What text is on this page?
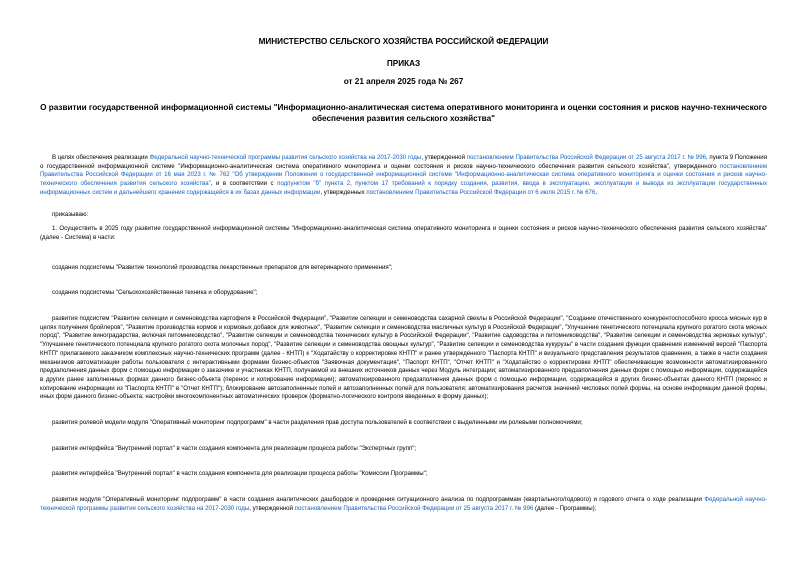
МИНИСТЕРСТВО СЕЛЬСКОГО ХОЗЯЙСТВА РОССИЙСКОЙ ФЕДЕРАЦИИ
ПРИКАЗ
от 21 апреля 2025 года № 267
О развитии государственной информационной системы "Информационно-аналитическая система оперативного мониторинга и оценки состояния и рисков научно-технического обеспечения развития сельского хозяйства"

В целях обеспечения реализации Федеральной научно-технической программы развития сельского хозяйства на 2017-2030 годы, утвержденной постановлением Правительства Российской Федерации от 25 августа 2017 г. № 996, пункта 9 Положения о государственной информационной системе "Информационно-аналитическая система оперативного мониторинга и оценки состояния и рисков научно-технического обеспечения развития сельского хозяйства", утвержденного постановлением Правительства Российской Федерации от 16 мая 2023 г. № 762 "Об утверждении Положения о государственной информационной системе "Информационно-аналитическая система оперативного мониторинга и оценки состояния и рисков научно-технического обеспечения развития сельского хозяйства", и в соответствии с подпунктом "б" пункта 2, пунктом 17 требований к порядку создания, развития, ввода в эксплуатацию, эксплуатации и вывода из эксплуатации государственных информационных систем и дальнейшего хранения содержащейся в их базах данных информации, утвержденных постановлением Правительства Российской Федерации от 6 июля 2015 г. № 676,

приказываю:

1. Осуществить в 2025 году развитие государственной информационной системы "Информационно-аналитическая система оперативного мониторинга и оценки состояния и рисков научно-технического обеспечения развития сельского хозяйства" (далее - Система) в части:

создания подсистемы "Развитие технологий производства лекарственных препаратов для ветеринарного применения";

создания подсистемы "Сельскохозяйственная техника и оборудование";

развития подсистем "Развитие селекции и семеноводства картофеля в Российской Федерации", "Развитие селекции и семеноводства сахарной свеклы в Российской Федерации", "Создание отечественного конкурентоспособного кросса мясных кур в целях получения бройлеров", "Развитие производства кормов и кормовых добавок для животных", "Развитие селекции и семеноводства масличных культур в Российской Федерации", "Улучшение генетического потенциала крупного рогатого скота мясных пород", "Развитие виноградарства, включая питомниководство", "Развитие селекции и семеноводства технических культур в Российской Федерации", "Развитие садоводства и питомниководства", "Развитие селекции и семеноводства зерновых культур", "Улучшение генетического потенциала крупного рогатого скота молочных пород", "Развитие селекции и семеноводства овощных культур", "Развитие селекции и семеноводства кукурузы" в части создания функции сравнения изменений версий "Паспорта КНТП" прилагаемого заказчиком комплексных научно-технических программ (далее - КНТП) к "Ходатайству о корректировке КНТП" и ранее утвержденного "Паспорта КНТП" и визуального представления результатов сравнения, а также в части создания механизмов автоматизации работы пользователя с интерактивными формами бизнес-объектов "Заявочная документация", "Паспорт КНТП", "Отчет КНТП" и "Ходатайство о корректировке КНТП" обеспечивающие возможности автоматизированного предзаполнения данных форм с помощью информации о заказчике и участниках КНТП, получаемой из внешних источников данных через Модуль интеграции; автоматизированного предзаполнения данных форм с помощью информации, содержащейся в других ранее заполненных формах данного бизнес-объекта (перенос и копирование информации); автоматизированного предзаполнения данных форм с помощью информации, содержащейся в других бизнес-объектах данного КНТП (перенос и копирование информации из "Паспорта КНТП" в "Отчет КНТП"); блокирование автозаполненных полей и автозаполненных полей для пользователя; автоматизирования расчетов значений числовых полей формы, на основе информации данной формы, иных форм данного бизнес-объекта; настройки многокомпонентных автоматических проверок (форматно-логического контроля введенных в форму данных);

развития ролевой модели модуля "Оперативный мониторинг подпрограмм" в части разделения прав доступа пользователей в соответствии с выделенными им ролевыми полномочиями;

развития интерфейса "Внутренний портал" в части создания компонента для реализации процесса работы "Экспертных групп";

развития интерфейса "Внутренний портал" в части создания компонента для реализации процесса работы "Комиссии Программы";

развития модуля "Оперативный мониторинг подпрограмм" в части создания аналитических дашбордов и проведения ситуационного анализа по подпрограммам (квартального/годового) и годового отчета о ходе реализации Федеральной научно-технической программы развития сельского хозяйства на 2017-2030 годы, утвержденной постановлением Правительства Российской Федерации от 25 августа 2017 г. № 996 (далее - Программы);
